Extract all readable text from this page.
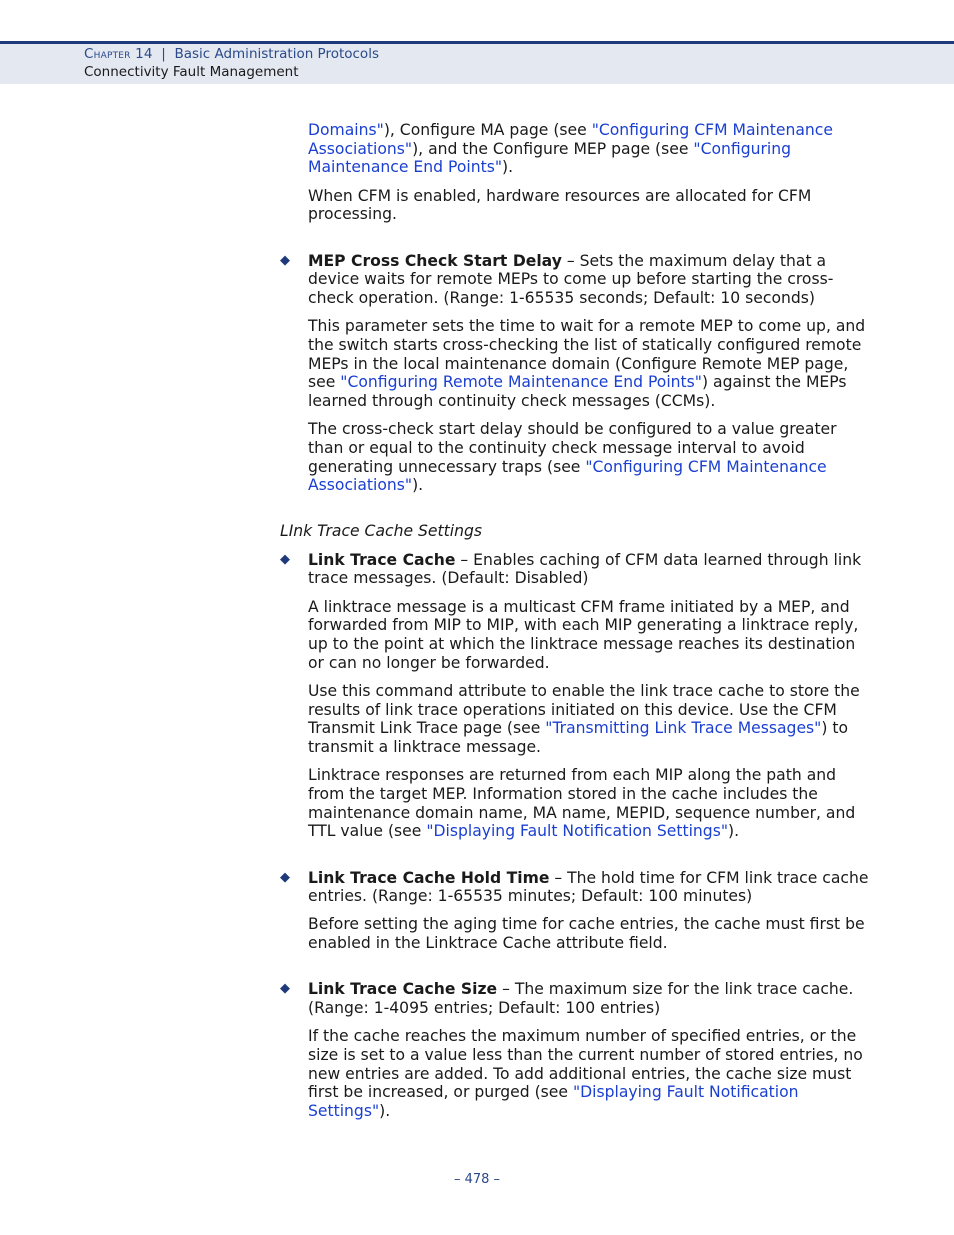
Chapter 14 | Basic Administration Protocols
Connectivity Fault Management

Domains"), Configure MA page (see "Configuring CFM Maintenance Associations"), and the Configure MEP page (see "Configuring Maintenance End Points").

When CFM is enabled, hardware resources are allocated for CFM processing.

◆ MEP Cross Check Start Delay – Sets the maximum delay that a device waits for remote MEPs to come up before starting the cross-check operation. (Range: 1-65535 seconds; Default: 10 seconds)

This parameter sets the time to wait for a remote MEP to come up, and the switch starts cross-checking the list of statically configured remote MEPs in the local maintenance domain (Configure Remote MEP page, see "Configuring Remote Maintenance End Points") against the MEPs learned through continuity check messages (CCMs).

The cross-check start delay should be configured to a value greater than or equal to the continuity check message interval to avoid generating unnecessary traps (see "Configuring CFM Maintenance Associations").

LInk Trace Cache Settings

◆ Link Trace Cache – Enables caching of CFM data learned through link trace messages. (Default: Disabled)

A linktrace message is a multicast CFM frame initiated by a MEP, and forwarded from MIP to MIP, with each MIP generating a linktrace reply, up to the point at which the linktrace message reaches its destination or can no longer be forwarded.

Use this command attribute to enable the link trace cache to store the results of link trace operations initiated on this device. Use the CFM Transmit Link Trace page (see "Transmitting Link Trace Messages") to transmit a linktrace message.

Linktrace responses are returned from each MIP along the path and from the target MEP. Information stored in the cache includes the maintenance domain name, MA name, MEPID, sequence number, and TTL value (see "Displaying Fault Notification Settings").

◆ Link Trace Cache Hold Time – The hold time for CFM link trace cache entries. (Range: 1-65535 minutes; Default: 100 minutes)

Before setting the aging time for cache entries, the cache must first be enabled in the Linktrace Cache attribute field.

◆ Link Trace Cache Size – The maximum size for the link trace cache. (Range: 1-4095 entries; Default: 100 entries)

If the cache reaches the maximum number of specified entries, or the size is set to a value less than the current number of stored entries, no new entries are added. To add additional entries, the cache size must first be increased, or purged (see "Displaying Fault Notification Settings").

– 478 –
